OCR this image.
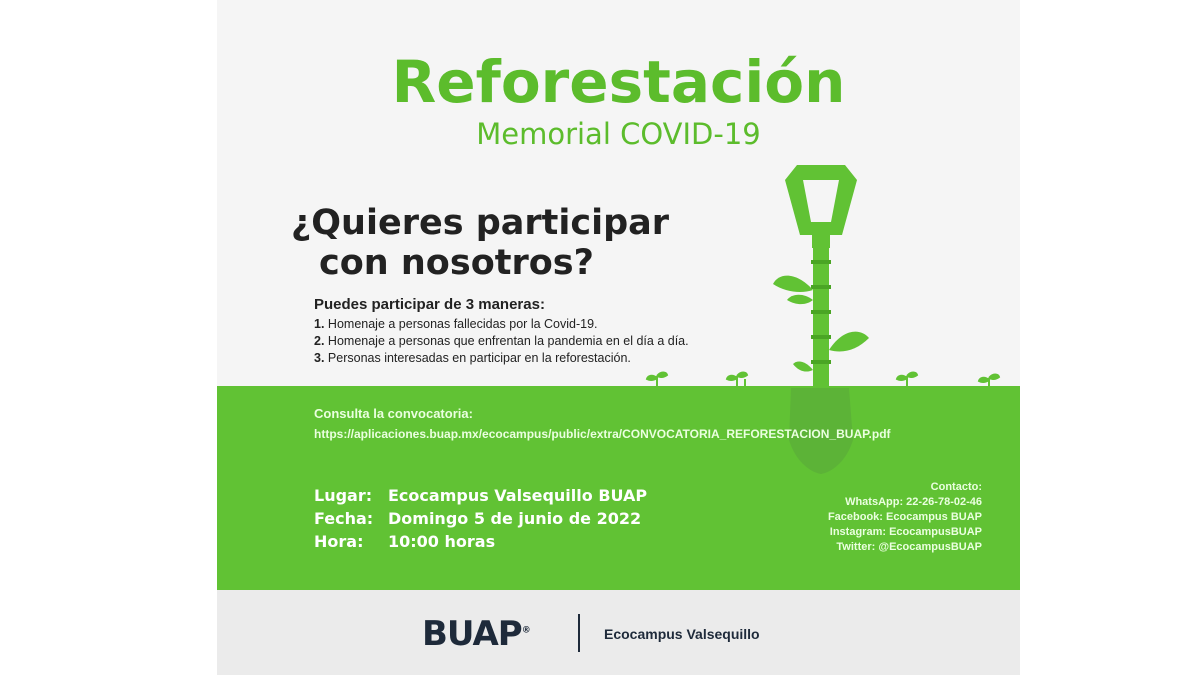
Reforestación
Memorial COVID-19
¿Quieres participar
con nosotros?
Puedes participar de 3 maneras:
1. Homenaje a personas fallecidas por la Covid-19.
2. Homenaje a personas que enfrentan la pandemia en el día a día.
3. Personas interesadas en participar en la reforestación.
Consulta la convocatoria:
https://aplicaciones.buap.mx/ecocampus/public/extra/CONVOCATORIA_REFORESTACION_BUAP.pdf
Lugar: Ecocampus Valsequillo BUAP
Fecha: Domingo 5 de junio de 2022
Hora:	10:00 horas
Contacto:
WhatsApp: 22-26-78-02-46
Facebook: Ecocampus BUAP
Instagram: EcocampusBUAP
Twitter: @EcocampusBUAP
BUAP®	Ecocampus Valsequillo
